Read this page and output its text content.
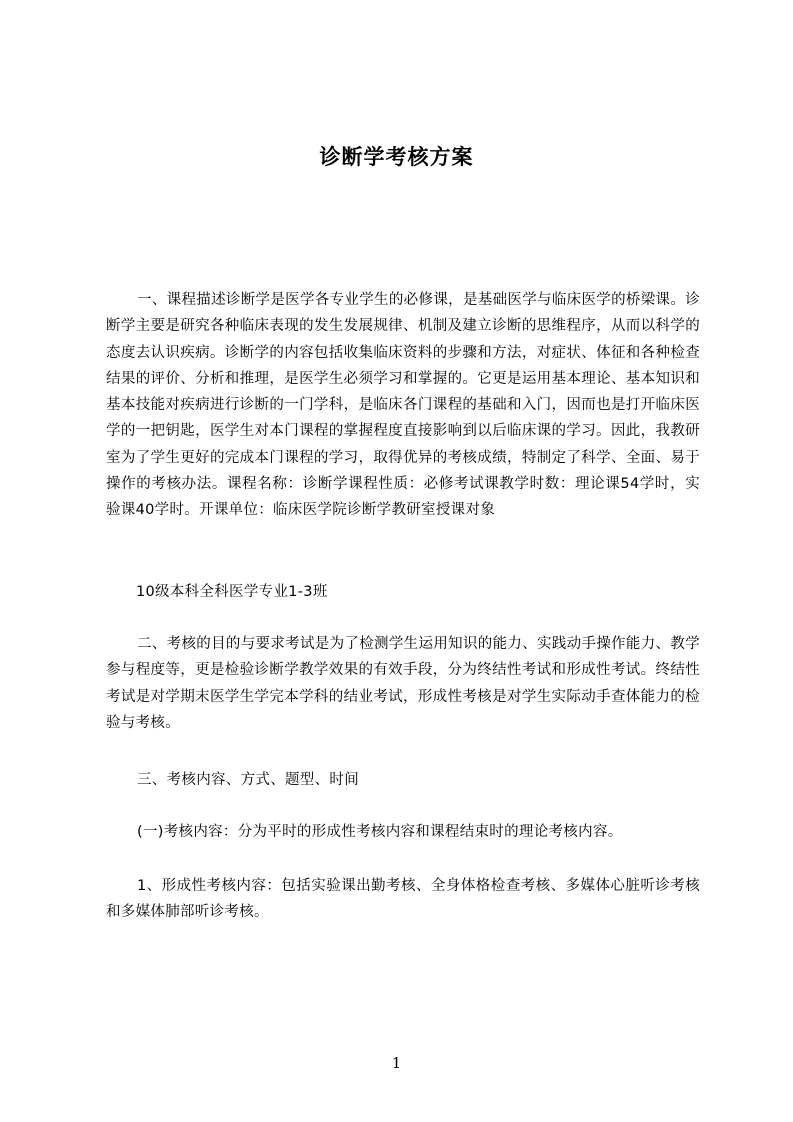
诊断学考核方案
一、课程描述诊断学是医学各专业学生的必修课，是基础医学与临床医学的桥梁课。诊断学主要是研究各种临床表现的发生发展规律、机制及建立诊断的思维程序，从而以科学的态度去认识疾病。诊断学的内容包括收集临床资料的步骤和方法，对症状、体征和各种检查结果的评价、分析和推理，是医学生必须学习和掌握的。它更是运用基本理论、基本知识和基本技能对疾病进行诊断的一门学科，是临床各门课程的基础和入门，因而也是打开临床医学的一把钥匙，医学生对本门课程的掌握程度直接影响到以后临床课的学习。因此，我教研室为了学生更好的完成本门课程的学习，取得优异的考核成绩，特制定了科学、全面、易于操作的考核办法。课程名称：诊断学课程性质：必修考试课教学时数：理论课54学时，实验课40学时。开课单位：临床医学院诊断学教研室授课对象
10级本科全科医学专业1-3班
二、考核的目的与要求考试是为了检测学生运用知识的能力、实践动手操作能力、教学参与程度等，更是检验诊断学教学效果的有效手段，分为终结性考试和形成性考试。终结性考试是对学期末医学生学完本学科的结业考试，形成性考核是对学生实际动手查体能力的检验与考核。
三、考核内容、方式、题型、时间
(一)考核内容：分为平时的形成性考核内容和课程结束时的理论考核内容。
1、形成性考核内容：包括实验课出勤考核、全身体格检查考核、多媒体心脏听诊考核和多媒体肺部听诊考核。
1
